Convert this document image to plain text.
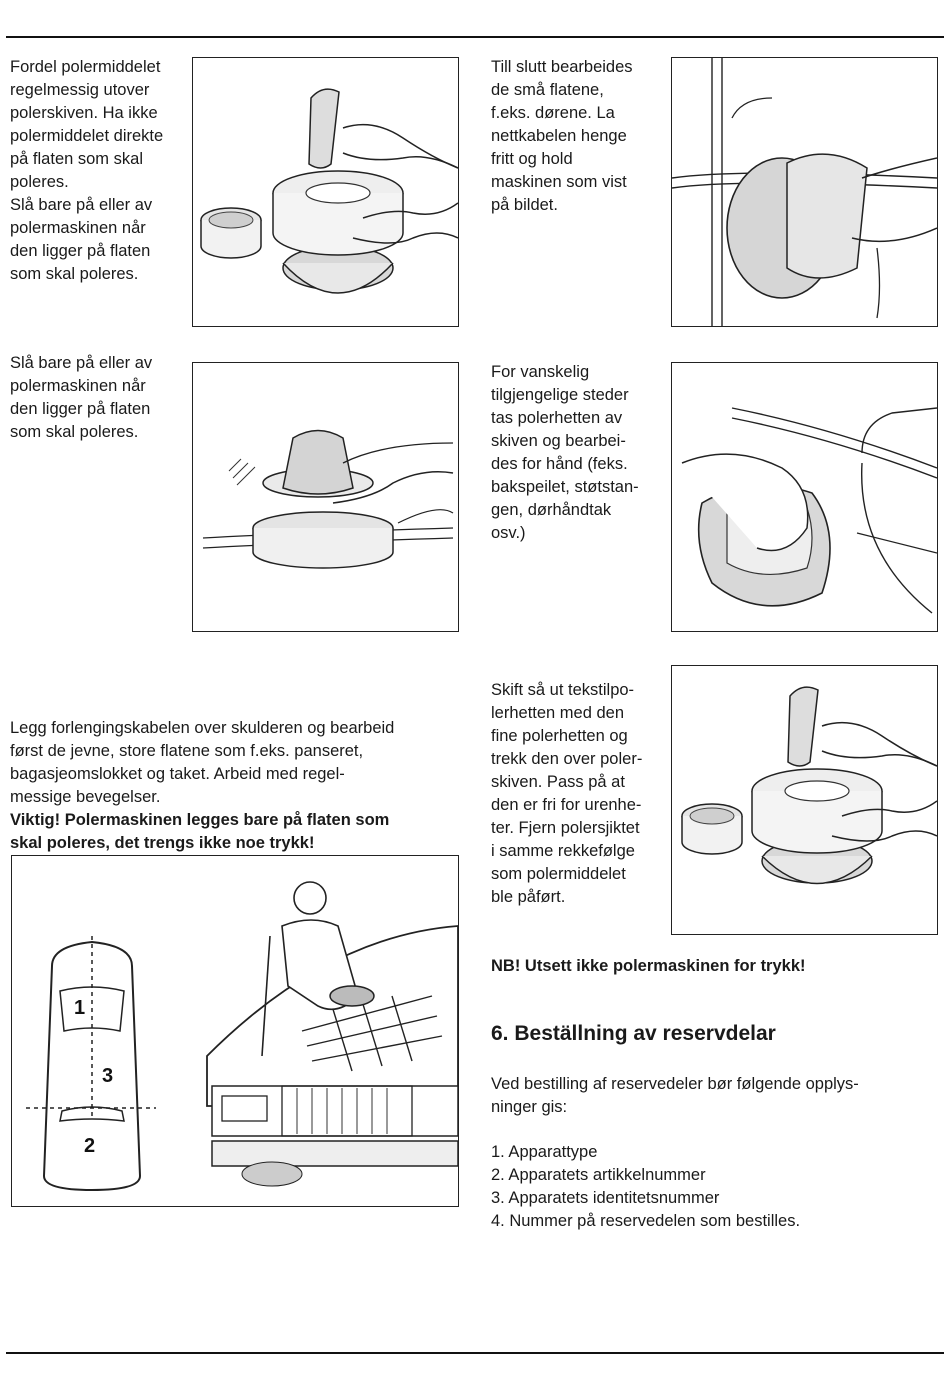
Fordel polermiddelet
regelmessig utover
polerskiven. Ha ikke
polermiddelet direkte
på flaten som skal
poleres.
Slå bare på eller av
polermaskinen når
den ligger på flaten
som skal poleres.
Slå bare på eller av
polermaskinen når
den ligger på flaten
som skal poleres.

Legg forlengingskabelen over skulderen og bearbeid
først de jevne, store flatene som f.eks. panseret,
bagasjeomslokket og taket. Arbeid med regel-
messige bevegelser.

Viktig! Polermaskinen legges bare på flaten som
skal poleres, det trengs ikke noe trykk!

1
3
2
Till slutt bearbeides
de små flatene,
f.eks. dørene. La
nettkabelen henge
fritt og hold
maskinen som vist
på bildet.
For vanskelig
tilgjengelige steder
tas polerhetten av
skiven og bearbei-
des for hånd (feks.
bakspeilet, støtstan-
gen, dørhåndtak
osv.)
Skift så ut tekstilpo-
lerhetten med den
fine polerhetten og
trekk den over poler-
skiven. Pass på at
den er fri for urenhe-
ter. Fjern polersjiktet
i samme rekkefølge
som polermiddelet
ble påført.
NB! Utsett ikke polermaskinen for trykk!
6. Beställning av reservdelar
Ved bestilling af reservedeler bør følgende opplys-
ninger gis:
1. Apparattype
2. Apparatets artikkelnummer
3. Apparatets identitetsnummer
4. Nummer på reservedelen som bestilles.
